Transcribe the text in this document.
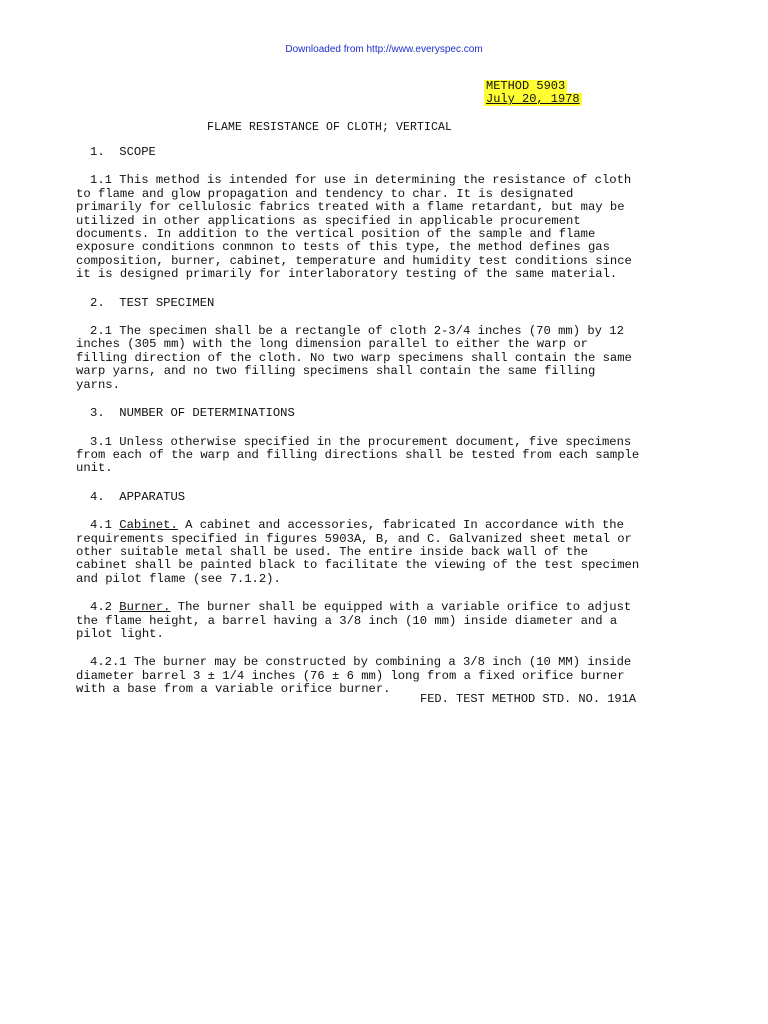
Downloaded from http://www.everyspec.com
METHOD 5903
July 20, 1978
FLAME RESISTANCE OF CLOTH; VERTICAL
1.  SCOPE
1.1 This method is intended for use in determining the resistance of cloth to flame and glow propagation and tendency to char. It is designated primarily for cellulosic fabrics treated with a flame retardant, but may be utilized in other applications as specified in applicable procurement documents. In addition to the vertical position of the sample and flame exposure conditions conmnon to tests of this type, the method defines gas composition, burner, cabinet, temperature and humidity test conditions since it is designed primarily for interlaboratory testing of the same material.
2.  TEST SPECIMEN
2.1 The specimen shall be a rectangle of cloth 2-3/4 inches (70 mm) by 12 inches (305 mm) with the long dimension parallel to either the warp or filling direction of the cloth. No two warp specimens shall contain the same warp yarns, and no two filling specimens shall contain the same filling yarns.
3.  NUMBER OF DETERMINATIONS
3.1 Unless otherwise specified in the procurement document, five specimens from each of the warp and filling directions shall be tested from each sample unit.
4.  APPARATUS
4.1 Cabinet. A cabinet and accessories, fabricated In accordance with the requirements specified in figures 5903A, B, and C. Galvanized sheet metal or other suitable metal shall be used. The entire inside back wall of the cabinet shall be painted black to facilitate the viewing of the test specimen and pilot flame (see 7.1.2).
4.2 Burner. The burner shall be equipped with a variable orifice to adjust the flame height, a barrel having a 3/8 inch (10 mm) inside diameter and a pilot light.
4.2.1 The burner may be constructed by combining a 3/8 inch (10 MM) inside diameter barrel 3 ± 1/4 inches (76 ± 6 mm) long from a fixed orifice burner with a base from a variable orifice burner.
FED. TEST METHOD STD. NO. 191A
